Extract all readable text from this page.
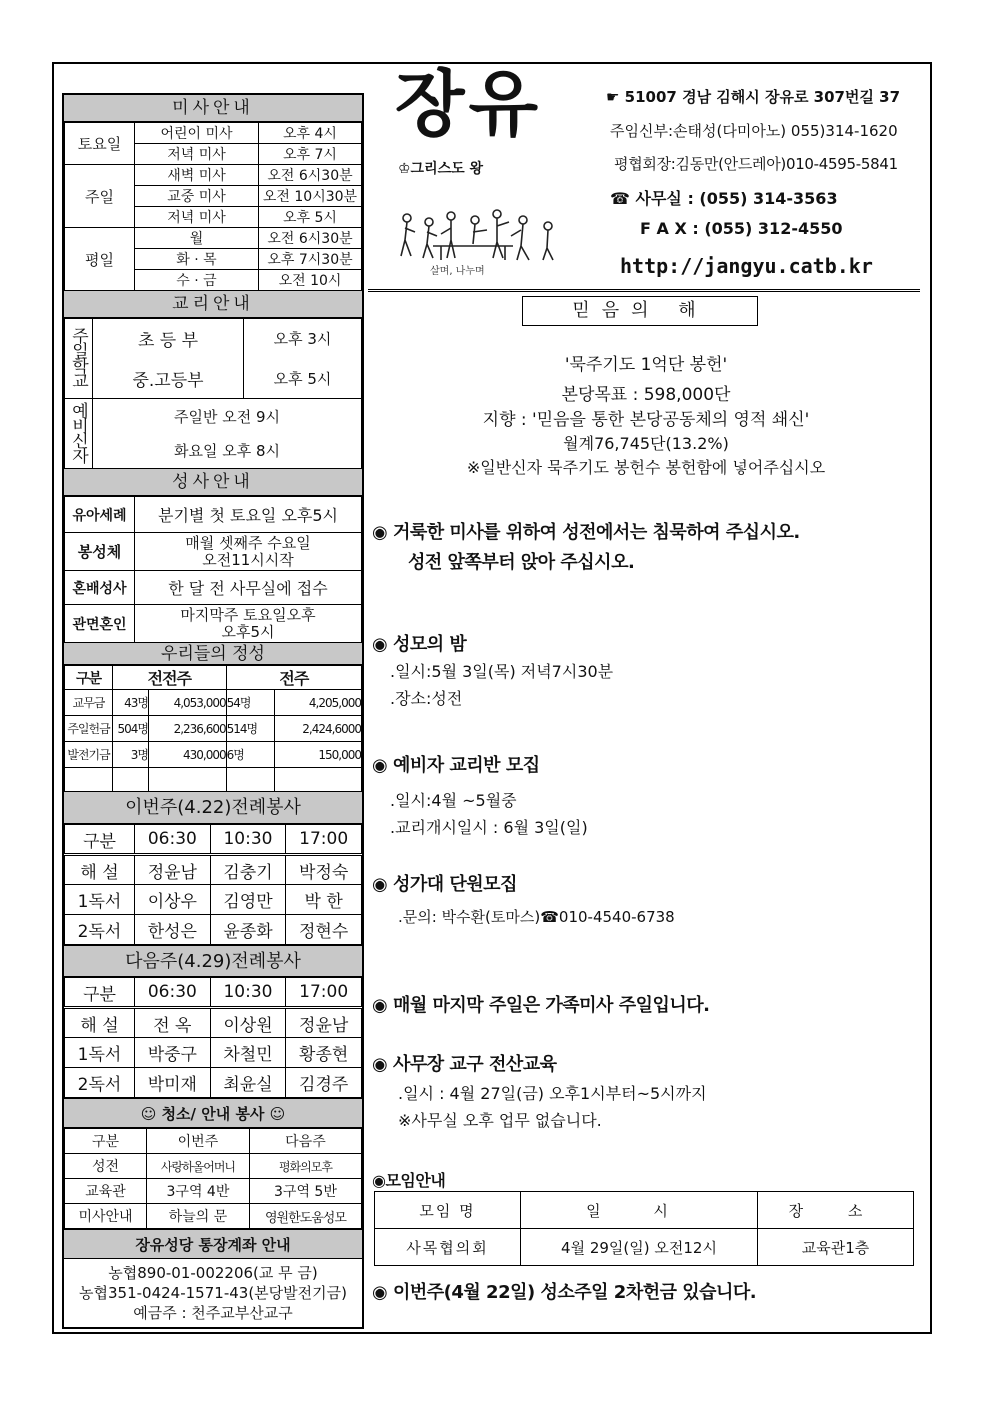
미사안내
토요일	어린이 미사	오후 4시
	저녁 미사	오후 7시
주일	새벽 미사	오전 6시30분
	교중 미사	오전 10시30분
	저녁 미사	오후 5시
평일	월	오전 6시30분
	화 · 목	오후 7시30분
	수 · 금	오전 10시
교리안내
주일학교	초 등 부	오후 3시
	중.고등부	오후 5시
예비신자	주일반 오전 9시	
	화요일 오후 8시	
성사안내
유아세례	분기별 첫 토요일 오후5시
봉성체	매월 셋째주 수요일
오전11시시작
혼배성사	한 달 전 사무실에 접수
관면혼인	마지막주 토요일오후
오후5시
우리들의 정성
구분	전전주		전주	
교무금	43명	4,053,000	54명	4,205,000
주일헌금	504명	2,236,600	514명	2,424,6000
발전기금	3명	430,000	6명	150,000

이번주(4.22)전례봉사
구분	06:30	10:30	17:00
해 설	정윤남	김충기	박정숙
1독서	이상우	김영만	박 한
2독서	한성은	윤종화	정현수
다음주(4.29)전례봉사
구분	06:30	10:30	17:00
해 설	전 옥	이상원	정윤남
1독서	박중구	차철민	황종현
2독서	박미재	최윤실	김경주
☺ 청소/ 안내 봉사 ☺
구분	이번주	다음주
성전	사랑하올어머니	평화의모후
교육관	3구역 4반	3구역 5반
미사안내	하늘의 문	영원한도움성모
장유성당 통장계좌 안내
농협890-01-002206(교 무 금)
농협351-0424-1571-43(본당발전기금)
예금주 : 천주교부산교구
장유
♔그리스도 왕
살며, 나누며
☛ 51007 경남 김해시 장유로 307번길 37
주임신부:손태성(다미아노) 055)314-1620
평협회장:김동만(안드레아)010-4595-5841
☎ 사무실 : (055) 314-3563
F A X : (055) 312-4550
http://jangyu.catb.kr
믿음의 해
'묵주기도 1억단 봉헌'
본당목표 : 598,000단
지향 : '믿음을 통한 본당공동체의 영적 쇄신'
월계76,745단(13.2%)
※일반신자 묵주기도 봉헌수 봉헌함에 넣어주십시오
◉ 거룩한 미사를 위하여 성전에서는 침묵하여 주십시오.
성전 앞쪽부터 앉아 주십시오.
◉ 성모의 밤
.일시:5월 3일(목) 저녁7시30분
.장소:성전
◉ 예비자 교리반 모집
.일시:4월 ~5월중
.교리개시일시 : 6월 3일(일)
◉ 성가대 단원모집
.문의: 박수환(토마스)☎010-4540-6738
◉ 매월 마지막 주일은 가족미사 주일입니다.
◉ 사무장 교구 전산교육
.일시 : 4월 27일(금) 오후1시부터~5시까지
※사무실 오후 업무 없습니다.
◉모임안내
모임 명	일 시	장 소
사목협의회	4월 29일(일) 오전12시	교육관1층
◉ 이번주(4월 22일) 성소주일 2차헌금 있습니다.
